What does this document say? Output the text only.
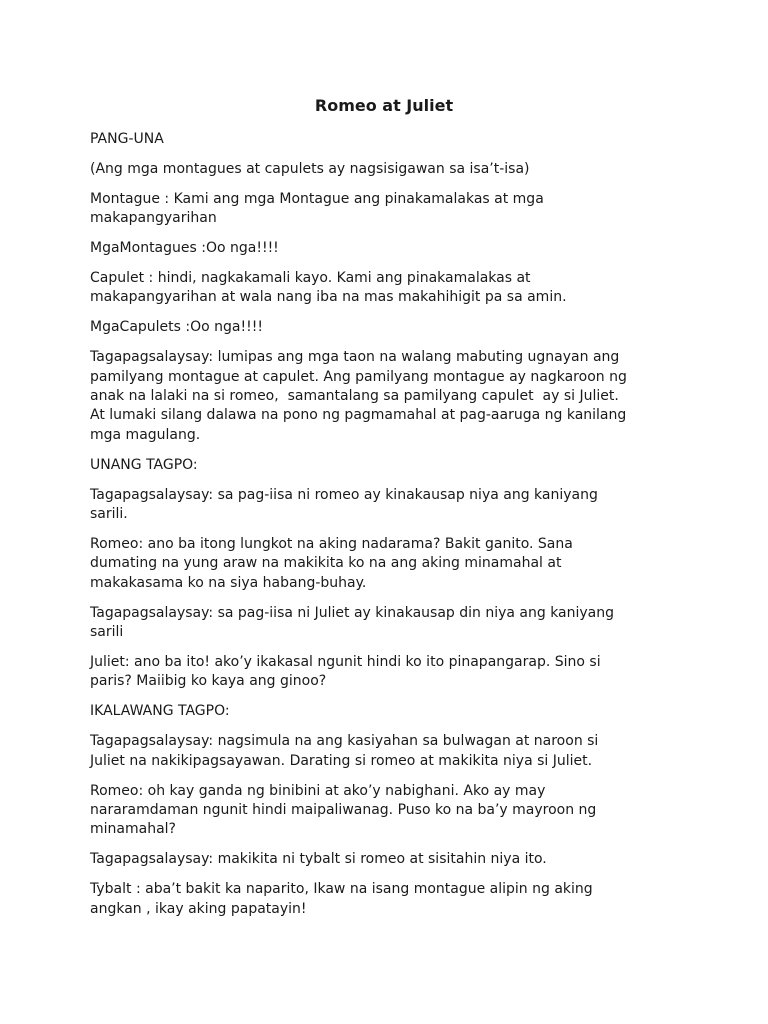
Romeo at Juliet

PANG-UNA

(Ang mga montagues at capulets ay nagsisigawan sa isa’t-isa)

Montague : Kami ang mga Montague ang pinakamalakas at mga
makapangyarihan

MgaMontagues :Oo nga!!!!

Capulet : hindi, nagkakamali kayo. Kami ang pinakamalakas at
makapangyarihan at wala nang iba na mas makahihigit pa sa amin.

MgaCapulets :Oo nga!!!!

Tagapagsalaysay: lumipas ang mga taon na walang mabuting ugnayan ang
pamilyang montague at capulet. Ang pamilyang montague ay nagkaroon ng
anak na lalaki na si romeo,  samantalang sa pamilyang capulet  ay si Juliet.
At lumaki silang dalawa na pono ng pagmamahal at pag-aaruga ng kanilang
mga magulang.

UNANG TAGPO:

Tagapagsalaysay: sa pag-iisa ni romeo ay kinakausap niya ang kaniyang
sarili.

Romeo: ano ba itong lungkot na aking nadarama? Bakit ganito. Sana
dumating na yung araw na makikita ko na ang aking minamahal at
makakasama ko na siya habang-buhay.

Tagapagsalaysay: sa pag-iisa ni Juliet ay kinakausap din niya ang kaniyang
sarili

Juliet: ano ba ito! ako’y ikakasal ngunit hindi ko ito pinapangarap. Sino si
paris? Maiibig ko kaya ang ginoo?

IKALAWANG TAGPO:

Tagapagsalaysay: nagsimula na ang kasiyahan sa bulwagan at naroon si
Juliet na nakikipagsayawan. Darating si romeo at makikita niya si Juliet.

Romeo: oh kay ganda ng binibini at ako’y nabighani. Ako ay may
nararamdaman ngunit hindi maipaliwanag. Puso ko na ba’y mayroon ng
minamahal?

Tagapagsalaysay: makikita ni tybalt si romeo at sisitahin niya ito.

Tybalt : aba’t bakit ka naparito, Ikaw na isang montague alipin ng aking
angkan , ikay aking papatayin!
